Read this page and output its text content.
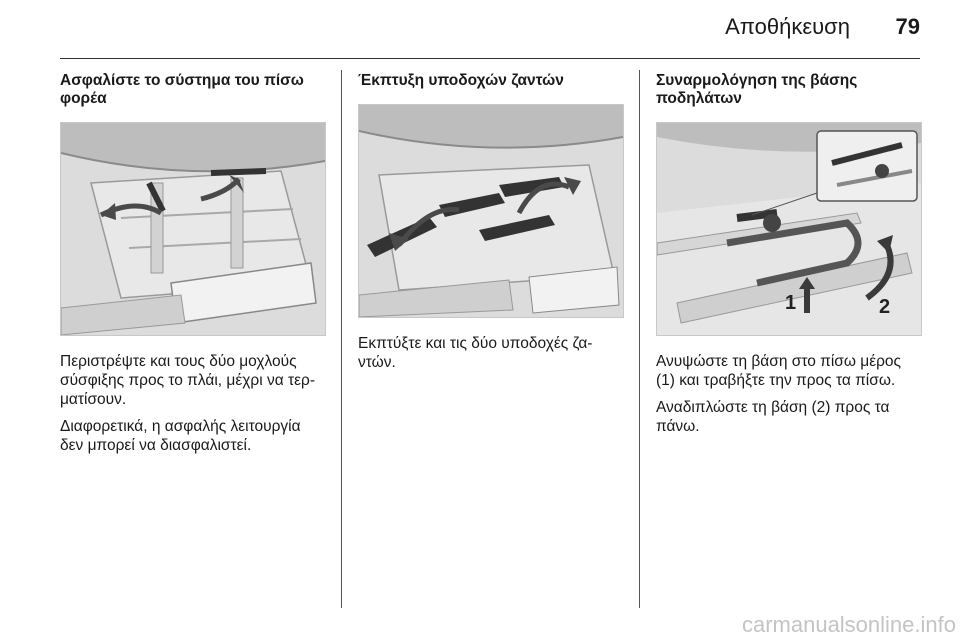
Αποθήκευση	79
Ασφαλίστε το σύστημα του πίσω φορέα

Περιστρέψτε και τους δύο μοχλούς σύσφιξης προς το πλάι, μέχρι να τερ-ματίσουν.

Διαφορετικά, η ασφαλής λειτουργία δεν μπορεί να διασφαλιστεί.

Έκπτυξη υποδοχών ζαντών

Εκπτύξτε και τις δύο υποδοχές ζα-ντών.

Συναρμολόγηση της βάσης ποδηλάτων
1	2

Ανυψώστε τη βάση στο πίσω μέρος (1) και τραβήξτε την προς τα πίσω.

Αναδιπλώστε τη βάση (2) προς τα πάνω.

carmanualsonline.info
